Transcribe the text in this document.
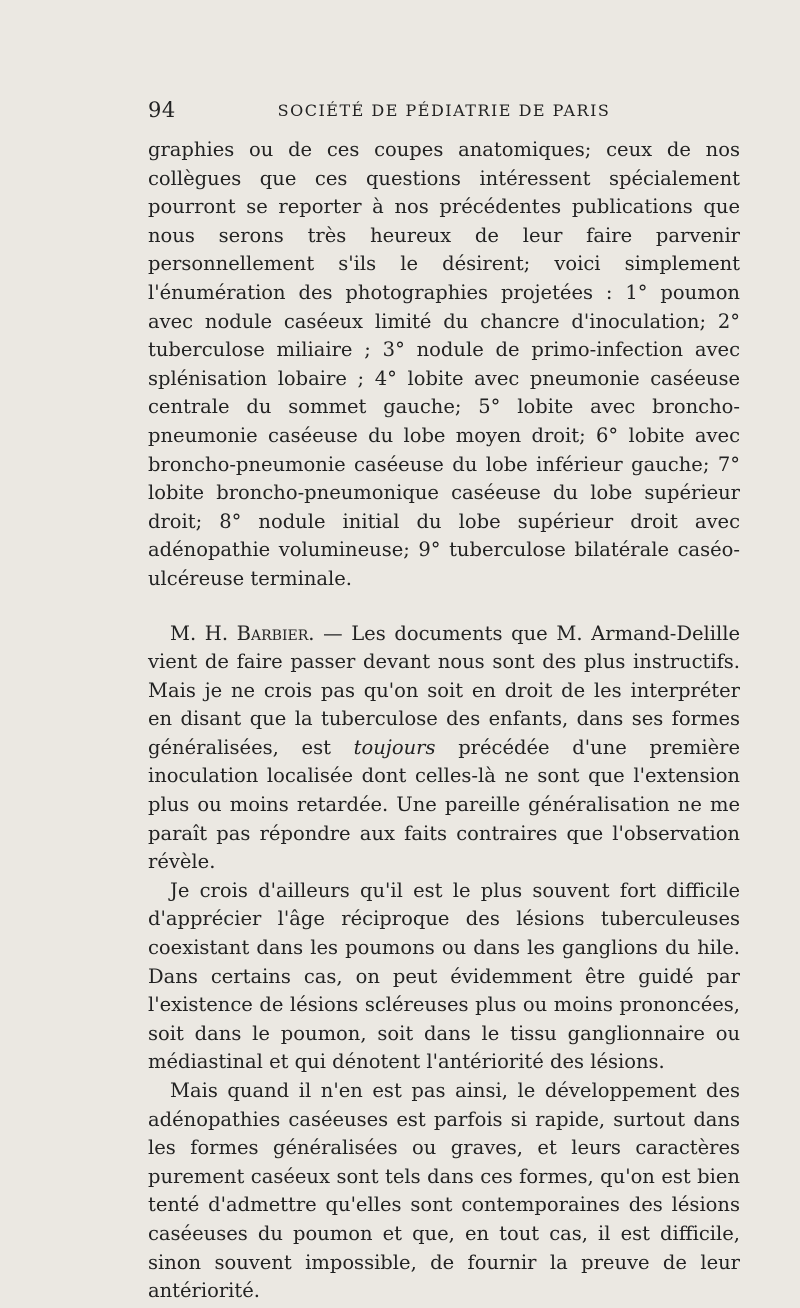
94	SOCIÉTÉ DE PÉDIATRIE DE PARIS

graphies ou de ces coupes anatomiques; ceux de nos collègues que ces questions intéressent spécialement pourront se reporter à nos précédentes publications que nous serons très heureux de leur faire parvenir personnellement s'ils le désirent; voici simplement l'énumération des photographies projetées : 1° poumon avec nodule caséeux limité du chancre d'inoculation; 2° tuberculose miliaire ; 3° nodule de primo-infection avec splénisation lobaire ; 4° lobite avec pneumonie caséeuse centrale du sommet gauche; 5° lobite avec broncho-pneumonie caséeuse du lobe moyen droit; 6° lobite avec broncho-pneumonie caséeuse du lobe inférieur gauche; 7° lobite broncho-pneumonique caséeuse du lobe supérieur droit; 8° nodule initial du lobe supérieur droit avec adénopathie volumineuse; 9° tuberculose bilatérale caséo-ulcéreuse terminale.

M. H. Barbier. — Les documents que M. Armand-Delille vient de faire passer devant nous sont des plus instructifs. Mais je ne crois pas qu'on soit en droit de les interpréter en disant que la tuberculose des enfants, dans ses formes généralisées, est toujours précédée d'une première inoculation localisée dont celles-là ne sont que l'extension plus ou moins retardée. Une pareille généralisation ne me paraît pas répondre aux faits contraires que l'observation révèle.

Je crois d'ailleurs qu'il est le plus souvent fort difficile d'apprécier l'âge réciproque des lésions tuberculeuses coexistant dans les poumons ou dans les ganglions du hile. Dans certains cas, on peut évidemment être guidé par l'existence de lésions scléreuses plus ou moins prononcées, soit dans le poumon, soit dans le tissu ganglionnaire ou médiastinal et qui dénotent l'antériorité des lésions.

Mais quand il n'en est pas ainsi, le développement des adénopathies caséeuses est parfois si rapide, surtout dans les formes généralisées ou graves, et leurs caractères purement caséeux sont tels dans ces formes, qu'on est bien tenté d'admettre qu'elles sont contemporaines des lésions caséeuses du poumon et que, en tout cas, il est difficile, sinon souvent impossible, de fournir la preuve de leur antériorité.
